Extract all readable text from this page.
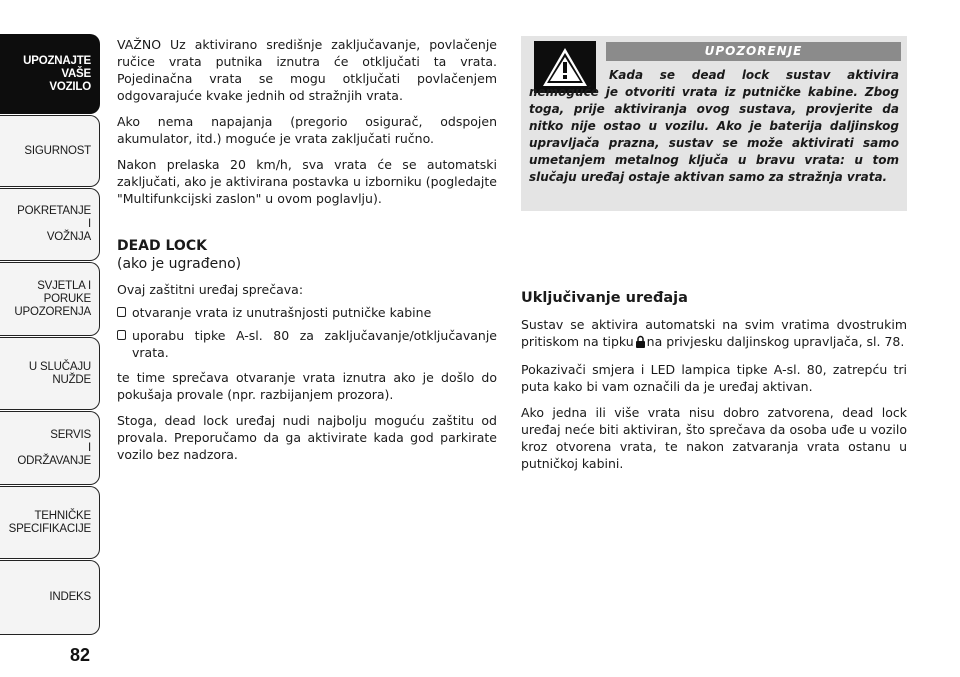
UPOZNAJTE
VAŠE
VOZILO
SIGURNOST
POKRETANJE
I
VOŽNJA
SVJETLA I
PORUKE
UPOZORENJA
U SLUČAJU
NUŽDE
SERVIS
I
ODRŽAVANJE
TEHNIČKE
SPECIFIKACIJE
INDEKS
82

VAŽNO Uz aktivirano središnje zaključavanje, povlačenje ručice vrata putnika iznutra će otključati ta vrata. Pojedinačna vrata se mogu otključati povlačenjem odgovarajuće kvake jednih od stražnjih vrata.

Ako nema napajanja (pregorio osigurač, odspojen akumulator, itd.) moguće je vrata zaključati ručno.

Nakon prelaska 20 km/h, sva vrata će se automatski zaključati, ako je aktivirana postavka u izborniku (pogledajte "Multifunkcijski zaslon" u ovom poglavlju).

DEAD LOCK
(ako je ugrađeno)

Ovaj zaštitni uređaj sprečava:

otvaranje vrata iz unutrašnjosti putničke kabine
uporabu tipke A-sl. 80 za zaključavanje/otključavanje vrata.

te time sprečava otvaranje vrata iznutra ako je došlo do pokušaja provale (npr. razbijanjem prozora).

Stoga, dead lock uređaj nudi najbolju moguću zaštitu od provala. Preporučamo da ga aktivirate kada god parkirate vozilo bez nadzora.

UPOZORENJE

Kada se dead lock sustav aktivira nemoguće je otvoriti vrata iz putničke kabine. Zbog toga, prije aktiviranja ovog sustava, provjerite da nitko nije ostao u vozilu. Ako je baterija daljinskog upravljača prazna, sustav se može aktivirati samo umetanjem metalnog ključa u bravu vrata: u tom slučaju uređaj ostaje aktivan samo za stražnja vrata.

Uključivanje uređaja

Sustav se aktivira automatski na svim vratima dvostrukim pritiskom na tipku na privjesku daljinskog upravljača, sl. 78.

Pokazivači smjera i LED lampica tipke A-sl. 80, zatrepću tri puta kako bi vam označili da je uređaj aktivan.

Ako jedna ili više vrata nisu dobro zatvorena, dead lock uređaj neće biti aktiviran, što sprečava da osoba uđe u vozilo kroz otvorena vrata, te nakon zatvaranja vrata ostanu u putničkoj kabini.
